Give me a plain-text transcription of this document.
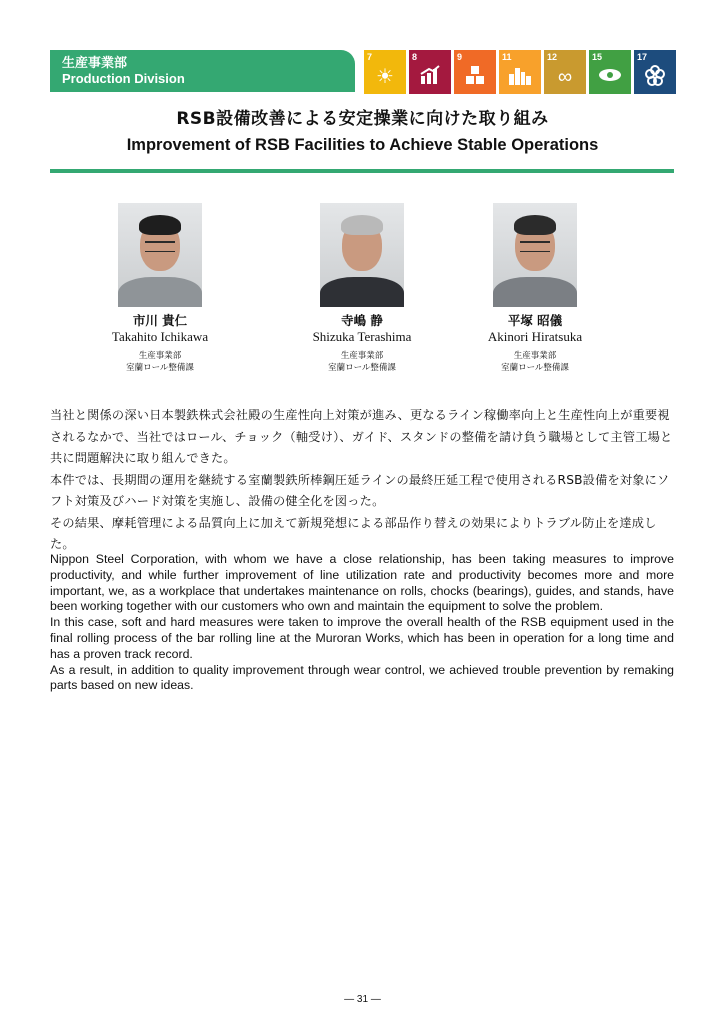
生産事業部
Production Division
7
☀
8	9	11	12
∞
15	17
RSB設備改善による安定操業に向けた取り組み
Improvement of RSB Facilities to Achieve Stable Operations
市川 貴仁
Takahito Ichikawa
生産事業部
室蘭ロール整備課
寺嶋 静
Shizuka Terashima
生産事業部
室蘭ロール整備課
平塚 昭儀
Akinori Hiratsuka
生産事業部
室蘭ロール整備課

当社と関係の深い日本製鉄株式会社殿の生産性向上対策が進み、更なるライン稼働率向上と生産性向上が重要視されるなかで、当社ではロール、チョック（軸受け）、ガイド、スタンドの整備を請け負う職場として主管工場と共に問題解決に取り組んできた。

本件では、長期間の運用を継続する室蘭製鉄所棒鋼圧延ラインの最終圧延工程で使用されるRSB設備を対象にソフト対策及びハード対策を実施し、設備の健全化を図った。

その結果、摩耗管理による品質向上に加えて新規発想による部品作り替えの効果によりトラブル防止を達成した。

Nippon Steel Corporation, with whom we have a close relationship, has been taking measures to improve productivity, and while further improvement of line utilization rate and productivity becomes more and more important, we, as a workplace that undertakes maintenance on rolls, chocks (bearings), guides, and stands, have been working together with our customers who own and maintain the equipment to solve the problem.

In this case, soft and hard measures were taken to improve the overall health of the RSB equipment used in the final rolling process of the bar rolling line at the Muroran Works, which has been in operation for a long time and has a proven track record.

As a result, in addition to quality improvement through wear control, we achieved trouble prevention by remaking parts based on new ideas.

— 31 —
